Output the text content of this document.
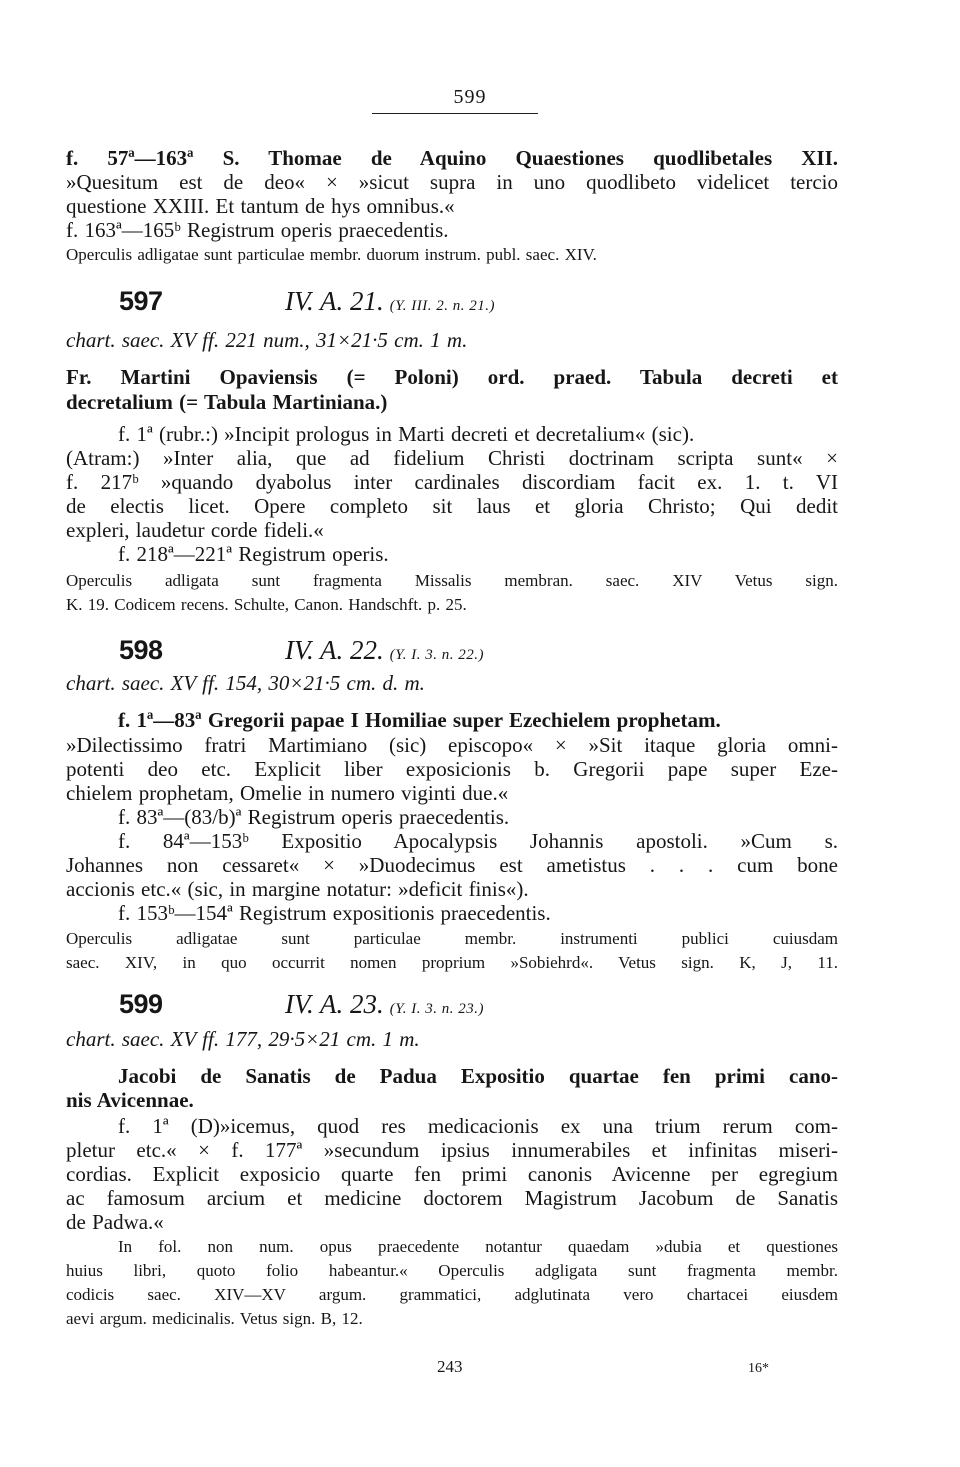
599
f. 57ª—163ª S. Thomae de Aquino Quaestiones quodlibetales XII.
»Quesitum est de deo« × »sicut supra in uno quodlibeto videlicet tercio
questione XXIII. Et tantum de hys omnibus.«
f. 163ª—165ᵇ Registrum operis praecedentis.
Operculis adligatae sunt particulae membr. duorum instrum. publ. saec. XIV.
chart. saec. XV ff. 221 num., 31×21·5 cm. 1 m.
Fr. Martini Opaviensis (= Poloni) ord. praed. Tabula decreti et
decretalium (= Tabula Martiniana.)
f. 1ª (rubr.:) »Incipit prologus in Marti decreti et decretalium« (sic).
(Atram:) »Inter alia, que ad fidelium Christi doctrinam scripta sunt« ×
f. 217ᵇ »quando dyabolus inter cardinales discordiam facit ex. 1. t. VI
de electis licet. Opere completo sit laus et gloria Christo; Qui dedit
expleri, laudetur corde fideli.«
f. 218ª—221ª Registrum operis.
Operculis adligata sunt fragmenta Missalis membran. saec. XIV Vetus sign.
K. 19. Codicem recens. Schulte, Canon. Handschft. p. 25.
chart. saec. XV ff. 154, 30×21·5 cm. d. m.
f. 1ª—83ª Gregorii papae I Homiliae super Ezechielem prophetam.
»Dilectissimo fratri Martimiano (sic) episcopo« × »Sit itaque gloria omni-
potenti deo etc. Explicit liber exposicionis b. Gregorii pape super Eze-
chielem prophetam, Omelie in numero viginti due.«
f. 83ª—(83/b)ª Registrum operis praecedentis.
f. 84ª—153ᵇ Expositio Apocalypsis Johannis apostoli. »Cum s.
Johannes non cessaret« × »Duodecimus est ametistus . . . cum bone
accionis etc.« (sic, in margine notatur: »deficit finis«).
f. 153ᵇ—154ª Registrum expositionis praecedentis.
Operculis adligatae sunt particulae membr. instrumenti publici cuiusdam
saec. XIV, in quo occurrit nomen proprium »Sobiehrd«. Vetus sign. K, J, 11.
chart. saec. XV ff. 177, 29·5×21 cm. 1 m.
Jacobi de Sanatis de Padua Expositio quartae fen primi cano-
nis Avicennae.
f. 1ª (D)»icemus, quod res medicacionis ex una trium rerum com-
pletur etc.« × f. 177ª »secundum ipsius innumerabiles et infinitas miseri-
cordias. Explicit exposicio quarte fen primi canonis Avicenne per egregium
ac famosum arcium et medicine doctorem Magistrum Jacobum de Sanatis
de Padwa.«
In fol. non num. opus praecedente notantur quaedam »dubia et questiones
huius libri, quoto folio habeantur.« Operculis adgligata sunt fragmenta membr.
codicis saec. XIV—XV argum. grammatici, adglutinata vero chartacei eiusdem
aevi argum. medicinalis. Vetus sign. B, 12.
597	IV. A. 21. (Y. III. 2. n. 21.)
598	IV. A. 22. (Y. I. 3. n. 22.)
599	IV. A. 23. (Y. I. 3. n. 23.)
243	16*
